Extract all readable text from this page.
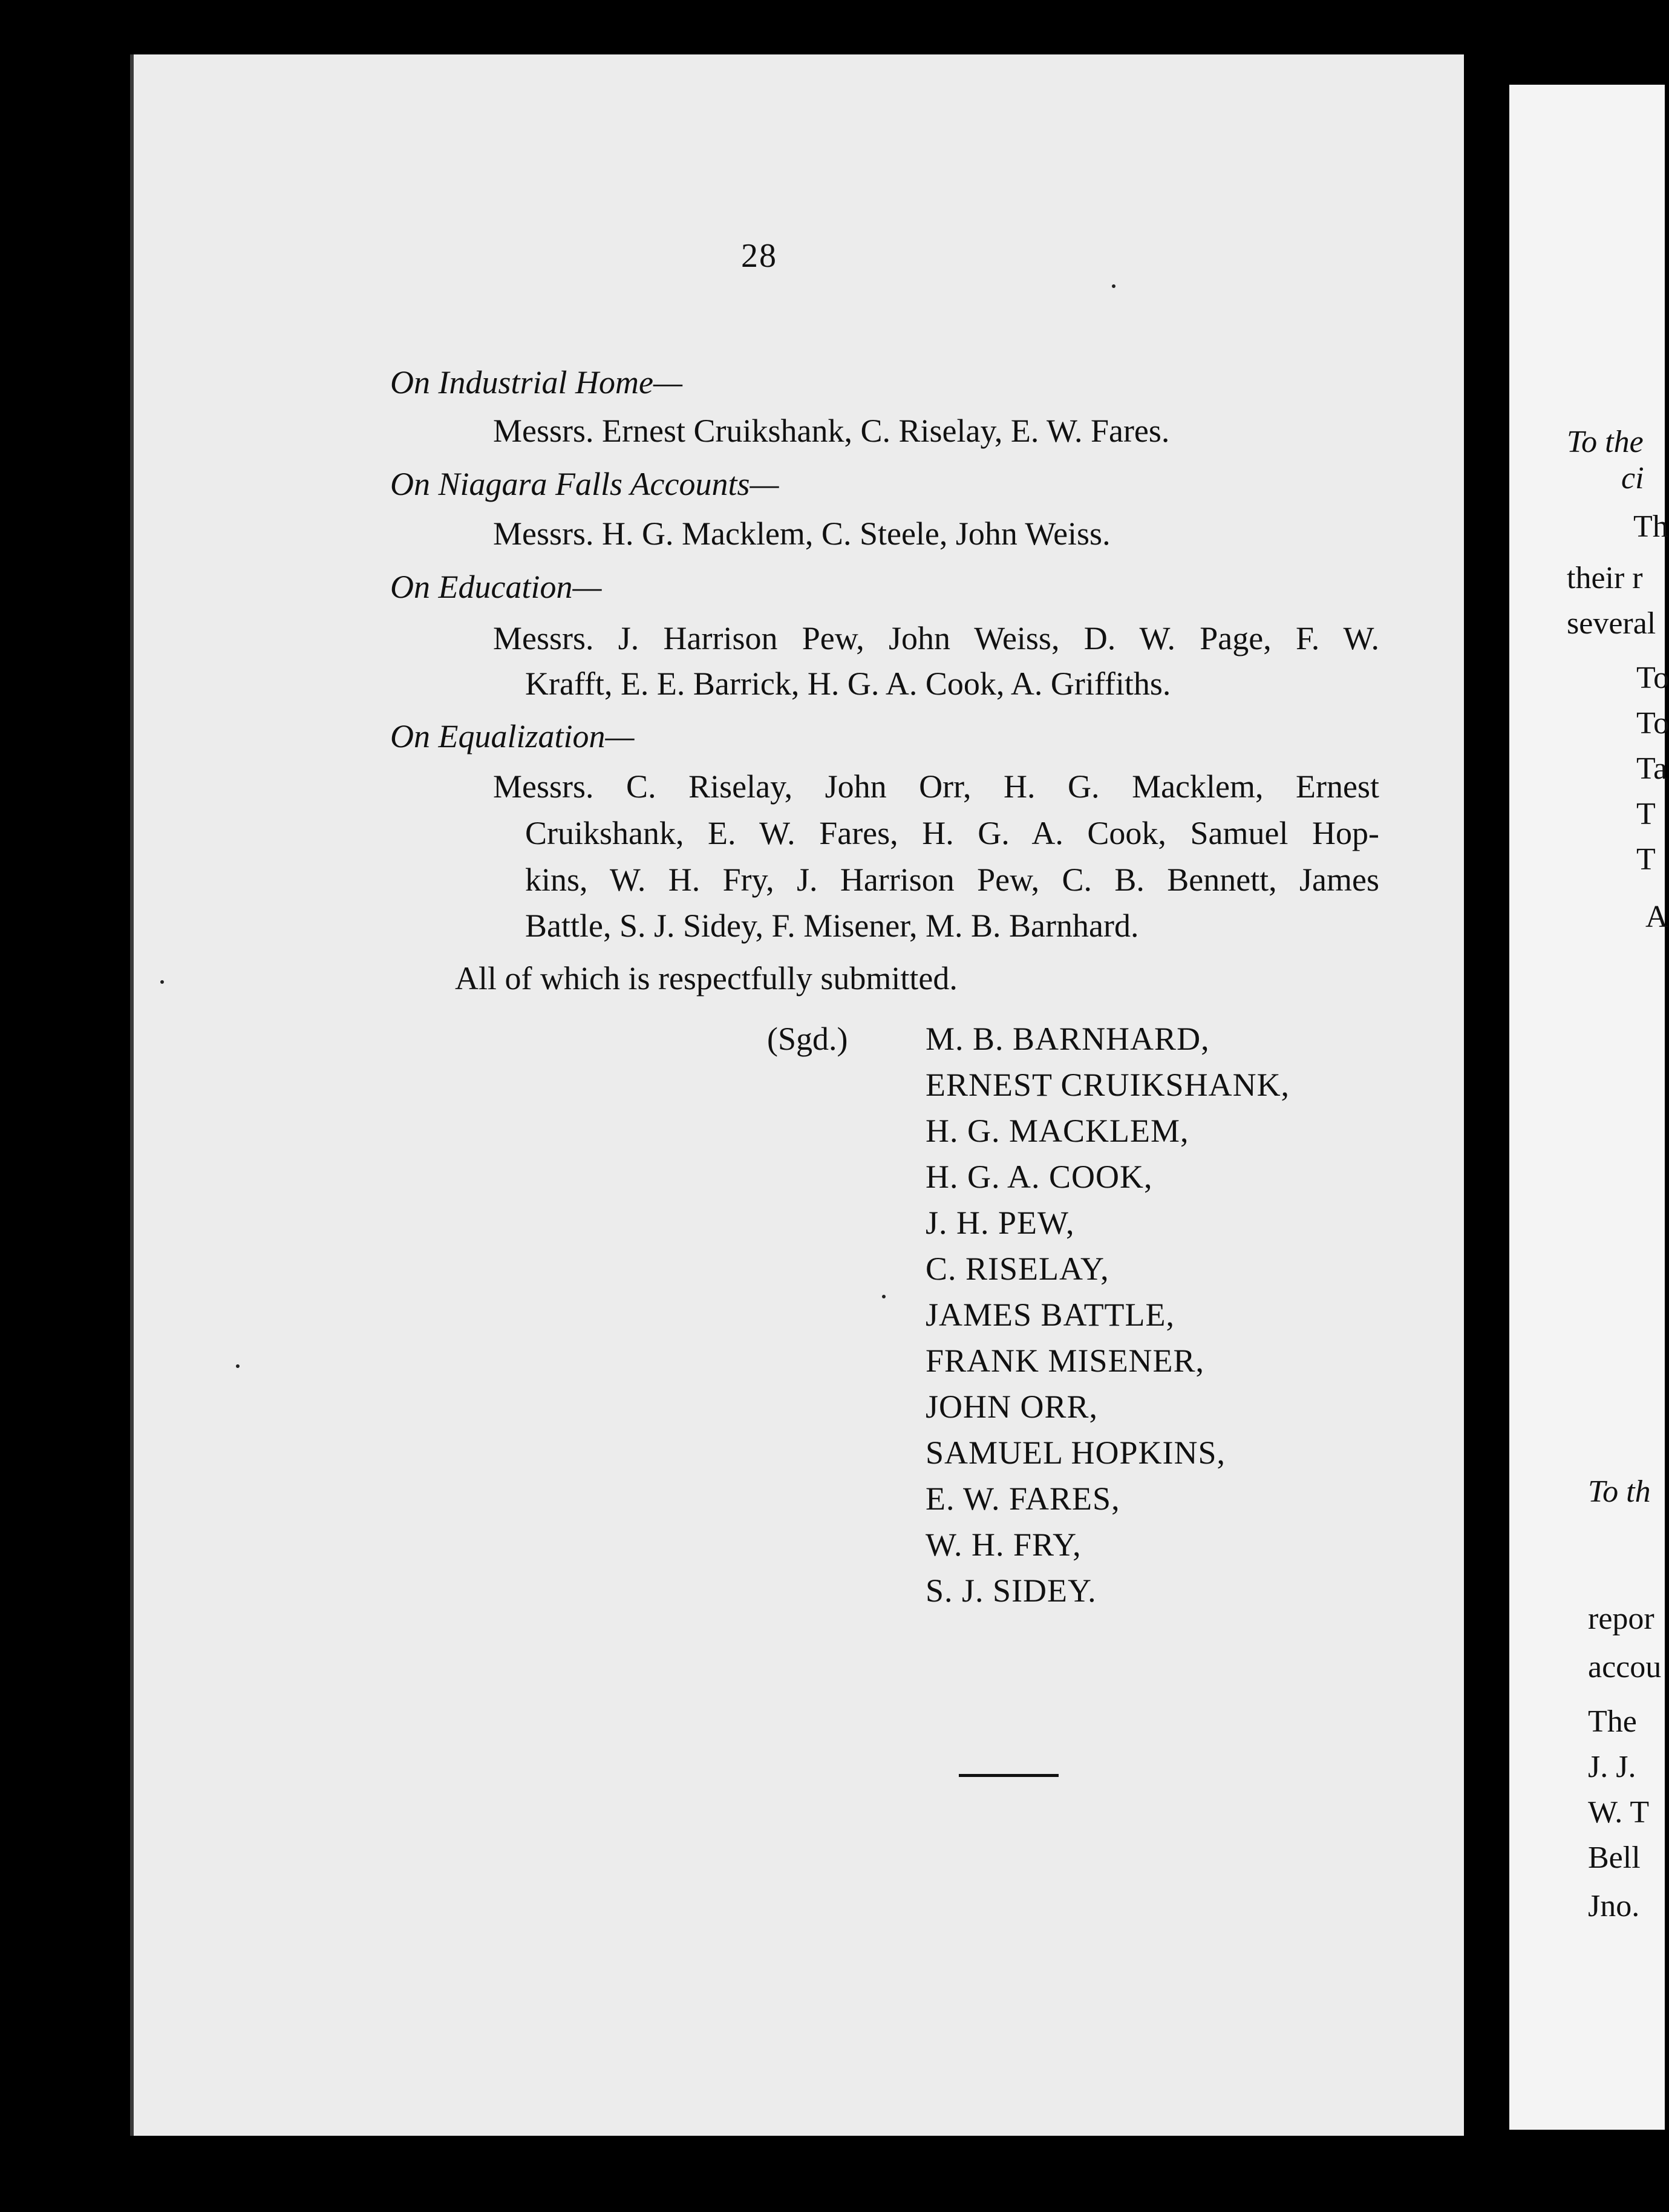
28
On Industrial Home—
Messrs. Ernest Cruikshank, C. Riselay, E. W. Fares.
On Niagara Falls Accounts—
Messrs. H. G. Macklem, C. Steele, John Weiss.
On Education—
Messrs. J. Harrison Pew, John Weiss, D. W. Page, F. W.
Krafft, E. E. Barrick, H. G. A. Cook, A. Griffiths.
On Equalization—
Messrs. C. Riselay, John Orr, H. G. Macklem, Ernest
Cruikshank, E. W. Fares, H. G. A. Cook, Samuel Hop-
kins, W. H. Fry, J. Harrison Pew, C. B. Bennett, James
Battle, S. J. Sidey, F. Misener, M. B. Barnhard.
All of which is respectfully submitted.
(Sgd.) M. B. BARNHARD,
ERNEST CRUIKSHANK,
H. G. MACKLEM,
H. G. A. COOK,
J. H. PEW,
C. RISELAY,
JAMES BATTLE,
FRANK MISENER,
JOHN ORR,
SAMUEL HOPKINS,
E. W. FARES,
W. H. FRY,
S. J. SIDEY.
To the
ci
Th
their r
several
To
To
Ta
T
T
A
To th
repor
accou
The
J. J.
W. T
Bell
Jno.
